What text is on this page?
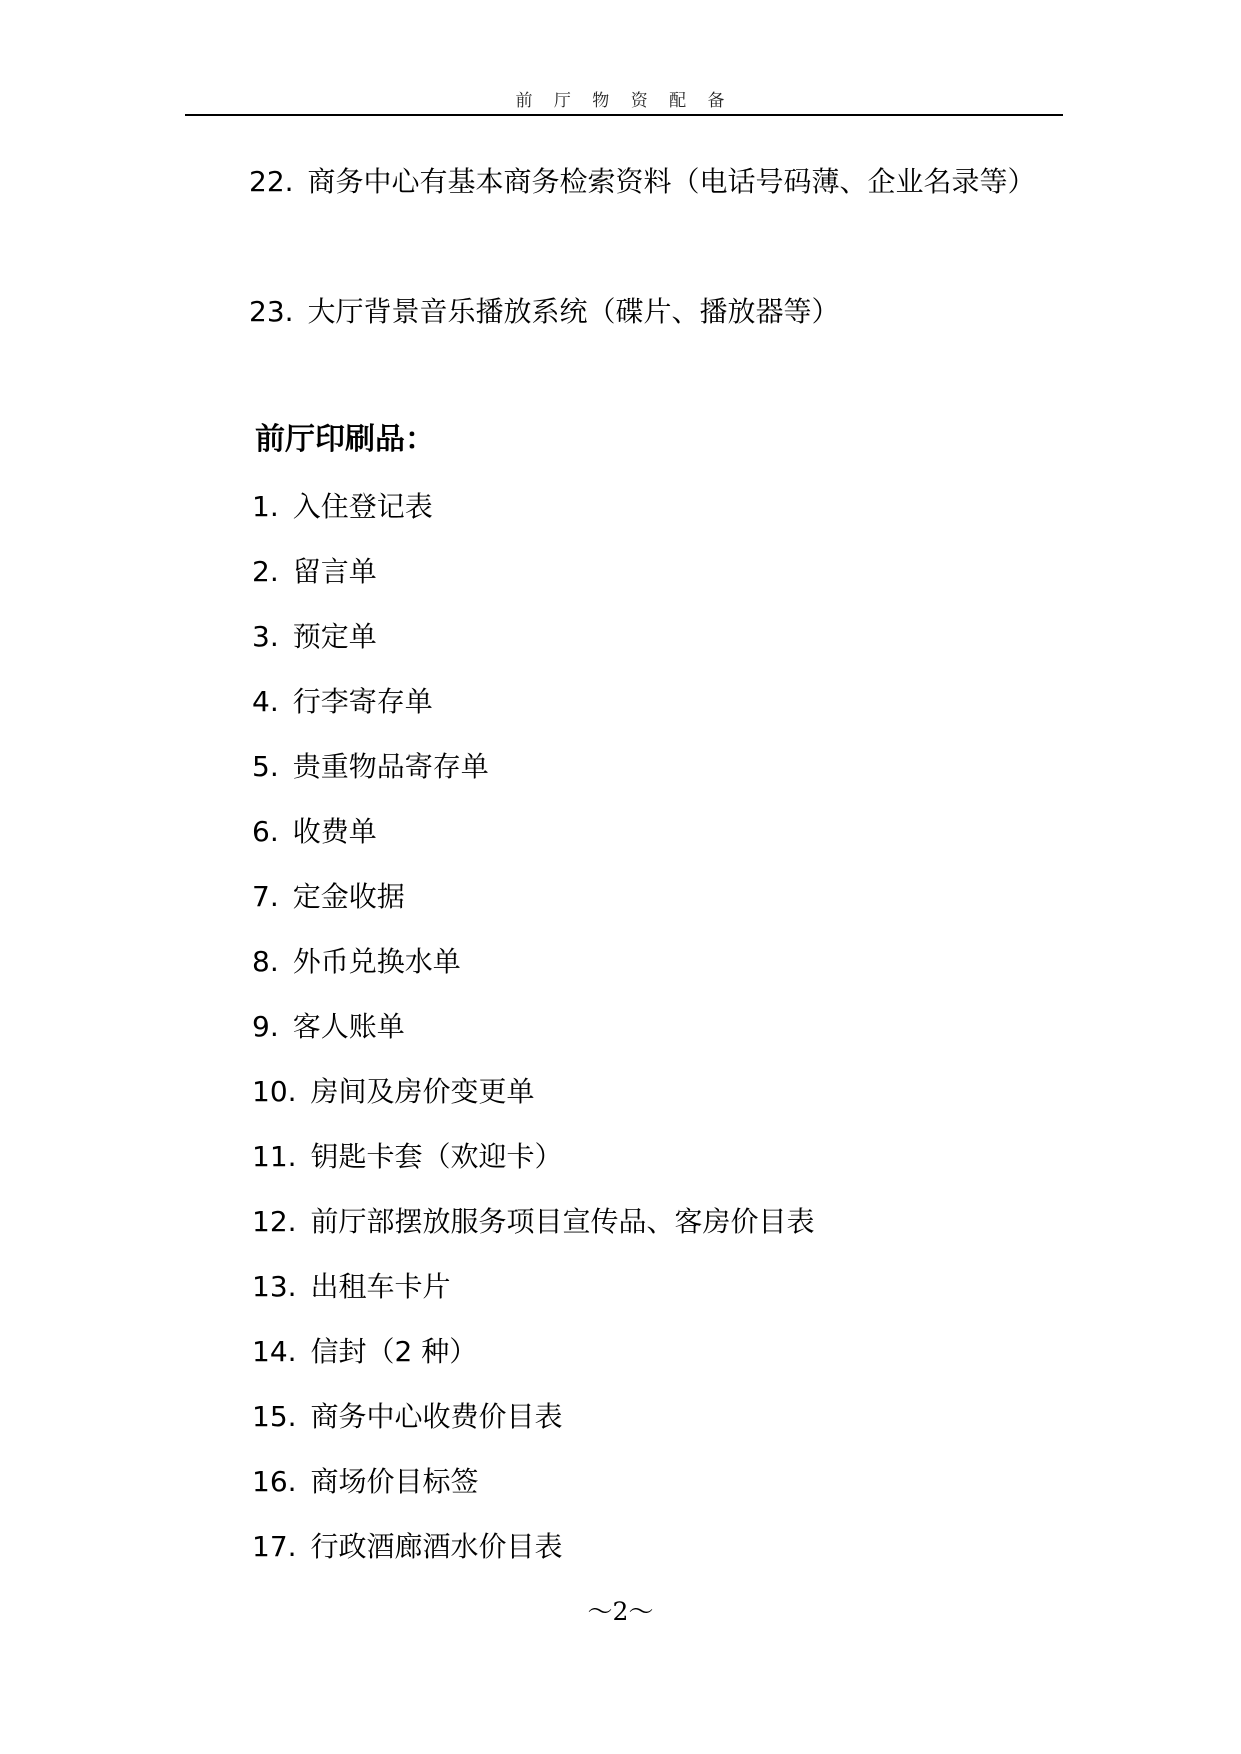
前 厅 物 资 配 备

22. 商务中心有基本商务检索资料（电话号码薄、企业名录等）

23. 大厅背景音乐播放系统（碟片、播放器等）

前厅印刷品：
1. 入住登记表
2. 留言单
3. 预定单
4. 行李寄存单
5. 贵重物品寄存单
6. 收费单
7. 定金收据
8. 外币兑换水单
9. 客人账单
10. 房间及房价变更单
11. 钥匙卡套（欢迎卡）
12. 前厅部摆放服务项目宣传品、客房价目表
13. 出租车卡片
14. 信封（2 种）
15. 商务中心收费价目表
16. 商场价目标签
17. 行政酒廊酒水价目表
～2～
